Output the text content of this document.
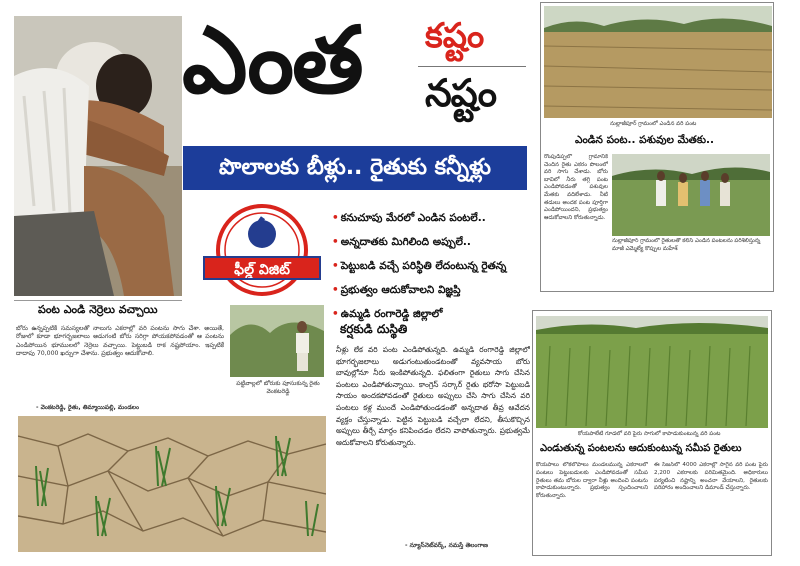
ఎంత కష్టం
నష్టం
పొలాలకు బీళ్లు.. రైతుకు కన్నీళ్లు
ఫీల్డ్ విజిట్
• కనుచూపు మేరలో ఎండిన పంటలే..
• అన్నదాతకు మిగిలింది అప్పులే..
• పెట్టుబడి వచ్చే పరిస్థితి లేదంటున్న రైతన్న
• ప్రభుత్వం ఆదుకోవాలని విజ్ఞప్తి
• ఉమ్మడి రంగారెడ్డి జిల్లాలో
కర్షకుడి దుస్థితి
పంట ఎండి నెర్రెలు వచ్చాయి
బోరు ఉన్నప్పటికీ సమస్యలతో నాలుగు ఎకరాల్లో వరి పంటను సాగు చేశా. అయితే, రోజులో కూడా భూగర్భజలాలు అడుగంటి బోరు సరిగ్గా పోయకపోవడంతో ఆ పంటను ఎండిపోయిన భూములలో నెర్రెలు వచ్చాయి. పెట్టుబడి రాక నష్టపోయాం. ఇప్పటికే దాదాపు 70,000 ఖర్చుగా చేశాను. ప్రభుత్వం ఆదుకోవాలి.
- వెంకటరెడ్డి, రైతు, తిమ్మాయిపల్లి, మండలం
పట్టివాల్లలో బోరుకు పూసుకున్న రైతు వెంకటరెడ్డి
నీళ్లు లేక వరి పంట ఎండిపోతున్నది. ఉమ్మడి రంగారెడ్డి జిల్లాలో భూగర్భజలాలు అడుగంటుతుండటంతో వ్యవసాయ బోరు బావుల్లోనూ నీరు ఇంకిపోతున్నది. ఫలితంగా రైతులు సాగు చేసిన పంటలు ఎండిపోతున్నాయి. కాంగ్రెస్ సర్కార్ రైతు భరోసా పెట్టుబడి సాయం అందకపోవడంతో రైతులు అప్పులు చేసి సాగు చేసిన వరి పంటలు కళ్ల ముందే ఎండిపోతుండడంతో అన్నదాత తీవ్ర ఆవేదన వ్యక్తం చేస్తున్నాడు. పెట్టిన పెట్టుబడి వచ్చేలా లేదని, తీసుకొచ్చిన అప్పులు తీర్చే మార్గం కనిపించడం లేదని వాపోతున్నారు. ప్రభుత్వమే ఆదుకోవాలని కోరుతున్నారు.
- న్యూస్‌నెట్‌వర్క్, నమస్తే తెలంగాణ
నుల్లాజీపూర్ గ్రామంలో ఎండిన వరి పంట
ఎండిన పంట.. పశువుల మేతకు..
రొంపుడిప్పలో గ్రామానికి చెందిన రైతు ఎకరం పొలంలో వరి సాగు చేశాడు. బోరు బావిలో నీరు తగ్గి పంట ఎండిపోవడంతో పశువుల మేతకు వదిలేశాడు. నీటి తడులు అందక పంట పూర్తిగా ఎండిపోయిందని, ప్రభుత్వం ఆదుకోవాలని కోరుతున్నాడు.
నుల్లాజీపూర్ గ్రామంలో రైతులతో కలిసి ఎండిన పంటలను పరిశీలిస్తున్న మాజీ ఎమ్మెల్యే కొప్పుల మహేశ్
కోయపాలేటి గూడలో వరి పైరు సాగులో కాపాడుకుంటున్న వరి పంట
ఎండుతున్న పంటలను ఆదుకుంటున్న సమీప రైతులు
కోయపాలు లోకలోపాలు మండలమున్న ఎకరాలలో పంటలు పెట్టుబడులకు ఎండిపోవడంతో సమీప రైతులు తమ బోరుల ద్వారా నీళ్లు అందించి పంటను కాపాడుకుంటున్నారు. ప్రభుత్వం స్పందించాలని కోరుతున్నారు.
ఈ సీజన్‌లో 4000 ఎకరాల్లో సాగైన వరి పంట పైరు 2,200 ఎకరాలకు పరిమితమైంది. అధికారులు పర్యటించి నష్టాన్ని అంచనా వేయాలని, రైతులకు పరిహారం అందించాలని డిమాండ్ చేస్తున్నారు.
